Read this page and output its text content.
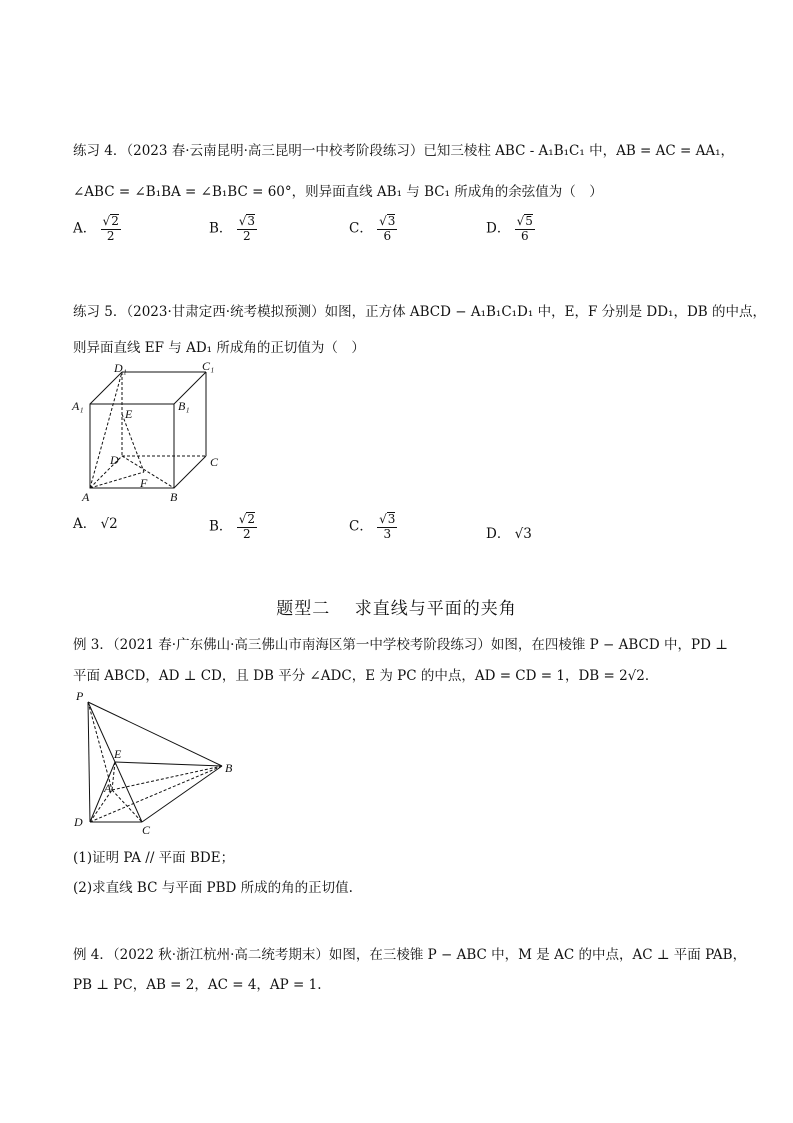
练习 4．（2023 春·云南昆明·高三昆明一中校考阶段练习）已知三棱柱 ABC - A₁B₁C₁ 中，AB = AC = AA₁，
∠ABC = ∠B₁BA = ∠B₁BC = 60°，则异面直线 AB₁ 与 BC₁ 所成角的余弦值为（　）
A． $\frac{√2}{2}$	B． $\frac{√3}{2}$	C． $\frac{√3}{6}$	D． $\frac{√5}{6}$
练习 5．（2023·甘肃定西·统考模拟预测）如图，正方体 ABCD − A₁B₁C₁D₁ 中，E，F 分别是 DD₁，DB 的中点，
则异面直线 EF 与 AD₁ 所成角的正切值为（　）
D₁	C₁
A₁	B₁
E
D	C
A
F
B
A． √2	B． $\frac{√2}{2}$	C． $\frac{√3}{3}$	D． √3
题型二　 求直线与平面的夹角
例 3．（2021 春·广东佛山·高三佛山市南海区第一中学校考阶段练习）如图，在四棱锥 P − ABCD 中，PD ⊥
平面 ABCD，AD ⊥ CD，且 DB 平分 ∠ADC，E 为 PC 的中点，AD = CD = 1，DB = 2√2．
P
E
B
A
D
C
(1)证明 PA // 平面 BDE；
(2)求直线 BC 与平面 PBD 所成的角的正切值.
例 4．（2022 秋·浙江杭州·高二统考期末）如图，在三棱锥 P − ABC 中，M 是 AC 的中点，AC ⊥ 平面 PAB，
PB ⊥ PC，AB = 2，AC = 4，AP = 1.
